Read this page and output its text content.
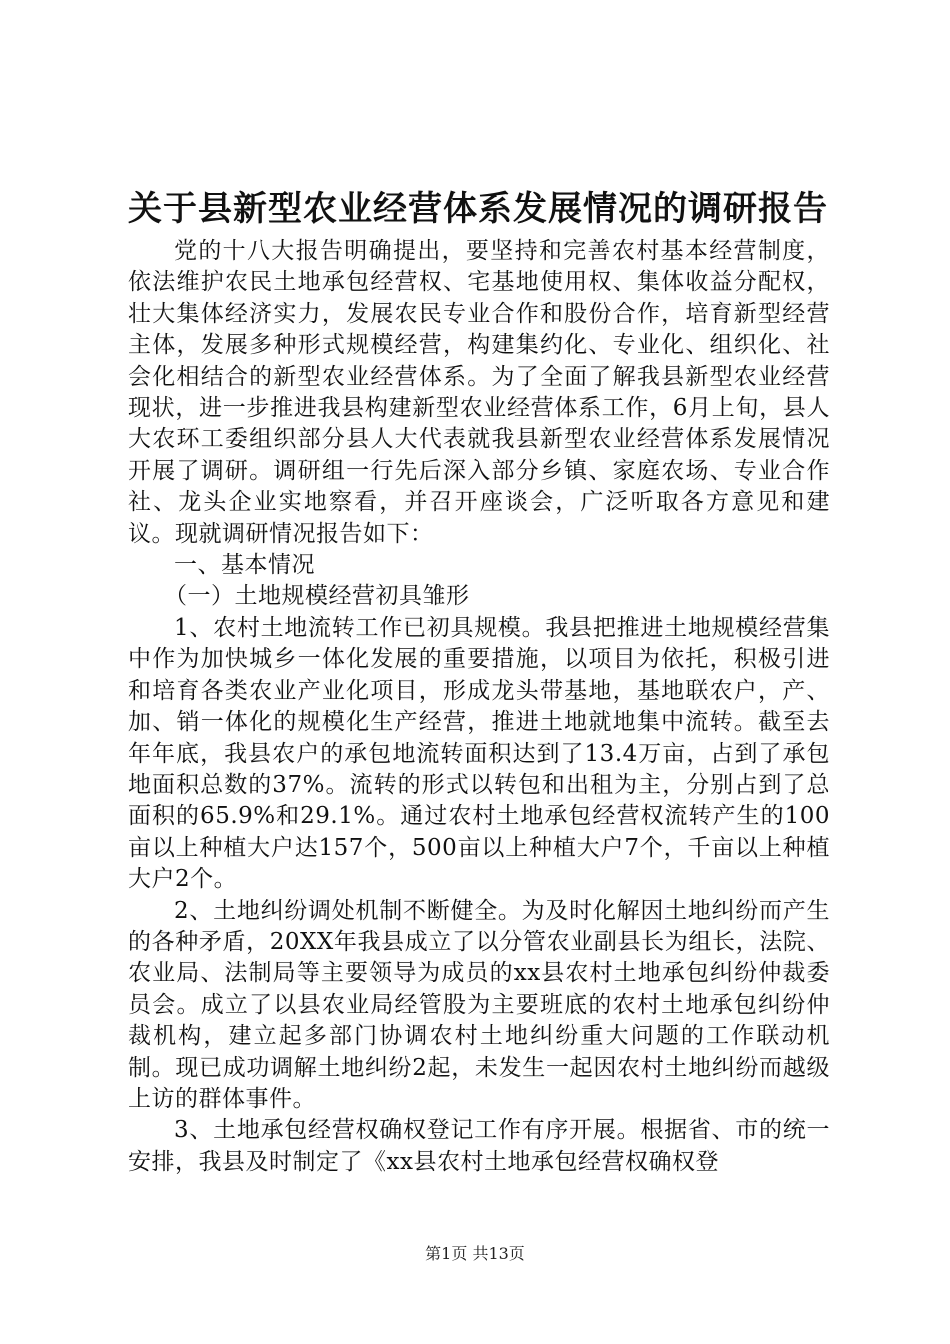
关于县新型农业经营体系发展情况的调研报告

党的十八大报告明确提出，要坚持和完善农村基本经营制度，依法维护农民土地承包经营权、宅基地使用权、集体收益分配权，壮大集体经济实力，发展农民专业合作和股份合作，培育新型经营主体，发展多种形式规模经营，构建集约化、专业化、组织化、社会化相结合的新型农业经营体系。为了全面了解我县新型农业经营现状，进一步推进我县构建新型农业经营体系工作，6月上旬，县人大农环工委组织部分县人大代表就我县新型农业经营体系发展情况开展了调研。调研组一行先后深入部分乡镇、家庭农场、专业合作社、龙头企业实地察看，并召开座谈会，广泛听取各方意见和建议。现就调研情况报告如下：

一、基本情况

（一）土地规模经营初具雏形

1、农村土地流转工作已初具规模。我县把推进土地规模经营集中作为加快城乡一体化发展的重要措施，以项目为依托，积极引进和培育各类农业产业化项目，形成龙头带基地，基地联农户，产、加、销一体化的规模化生产经营，推进土地就地集中流转。截至去年年底，我县农户的承包地流转面积达到了13.4万亩，占到了承包地面积总数的37%。流转的形式以转包和出租为主，分别占到了总面积的65.9%和29.1%。通过农村土地承包经营权流转产生的100亩以上种植大户达157个，500亩以上种植大户7个，千亩以上种植大户2个。

2、土地纠纷调处机制不断健全。为及时化解因土地纠纷而产生的各种矛盾，20XX年我县成立了以分管农业副县长为组长，法院、农业局、法制局等主要领导为成员的xx县农村土地承包纠纷仲裁委员会。成立了以县农业局经管股为主要班底的农村土地承包纠纷仲裁机构，建立起多部门协调农村土地纠纷重大问题的工作联动机制。现已成功调解土地纠纷2起，未发生一起因农村土地纠纷而越级上访的群体事件。

3、土地承包经营权确权登记工作有序开展。根据省、市的统一安排，我县及时制定了《xx县农村土地承包经营权确权登

第1页 共13页
